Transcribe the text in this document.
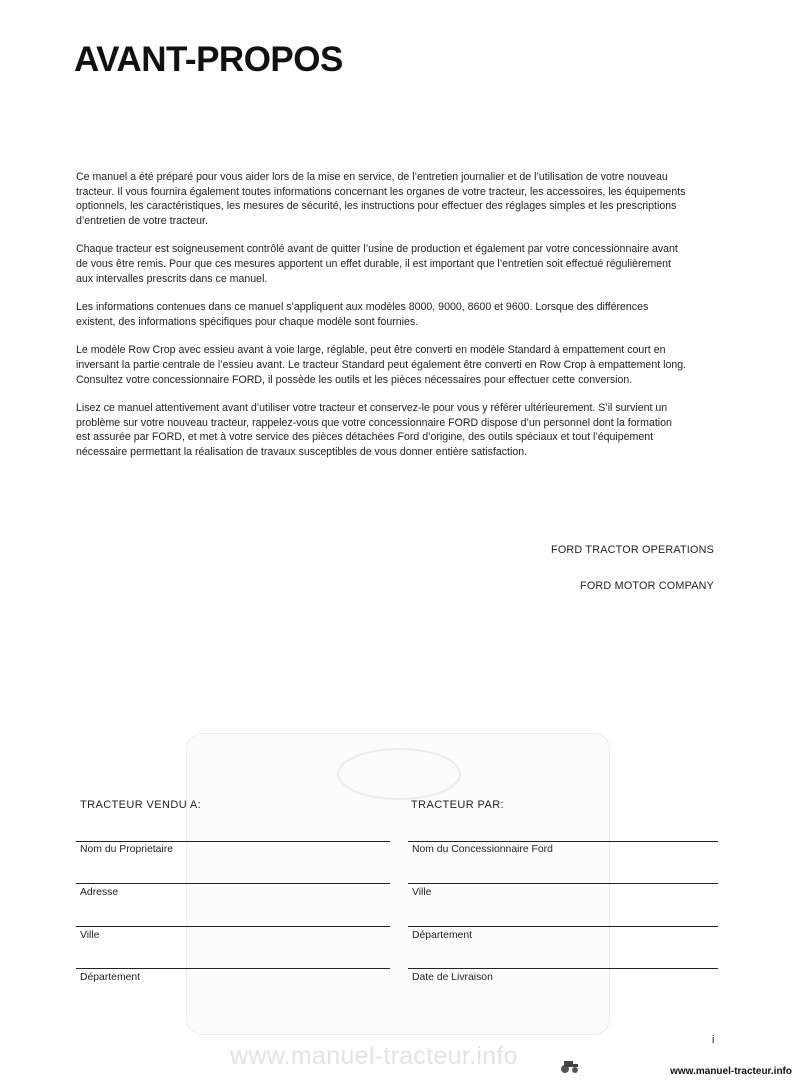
AVANT-PROPOS

Ce manuel a été préparé pour vous aider lors de la mise en service, de l’entretien journalier et de l’utilisation de votre nouveau tracteur. Il vous fournira également toutes informations concernant les organes de votre tracteur, les accessoires, les équipements optionnels, les caractéristiques, les mesures de sécurité, les instructions pour effectuer des réglages simples et les prescriptions d’entretien de votre tracteur.

Chaque tracteur est soigneusement contrôlé avant de quitter l’usine de production et également par votre concessionnaire avant de vous être remis. Pour que ces mesures apportent un effet durable, il est important que l’entretien soit effectué régulièrement aux intervalles prescrits dans ce manuel.

Les informations contenues dans ce manuel s’appliquent aux modèles 8000, 9000, 8600 et 9600. Lorsque des différences existent, des informations spécifiques pour chaque modèle sont fournies.

Le modèle Row Crop avec essieu avant à voie large, réglable, peut être converti en modèle Standard à empattement court en inversant la partie centrale de l’essieu avant. Le tracteur Standard peut également être converti en Row Crop à empattement long. Consultez votre concessionnaire FORD, il possède les outils et les pièces nécessaires pour effectuer cette conversion.

Lisez ce manuel attentivement avant d’utiliser votre tracteur et conservez-le pour vous y référer ultérieurement. S’il survient un problème sur votre nouveau tracteur, rappelez-vous que votre concessionnaire FORD dispose d’un personnel dont la formation est assurée par FORD, et met à votre service des pièces détachées Ford d’origine, des outils spéciaux et tout l’équipement nécessaire permettant la réalisation de travaux susceptibles de vous donner entière satisfaction.

FORD TRACTOR OPERATIONS
FORD MOTOR COMPANY
TRACTEUR VENDU A:	TRACTEUR PAR:
Nom du Proprietaire
Adresse
Ville
Département
Nom du Concessionnaire Ford
Ville
Département
Date de Livraison
i
www.manuel-tracteur.info
www.manuel-tracteur.info
